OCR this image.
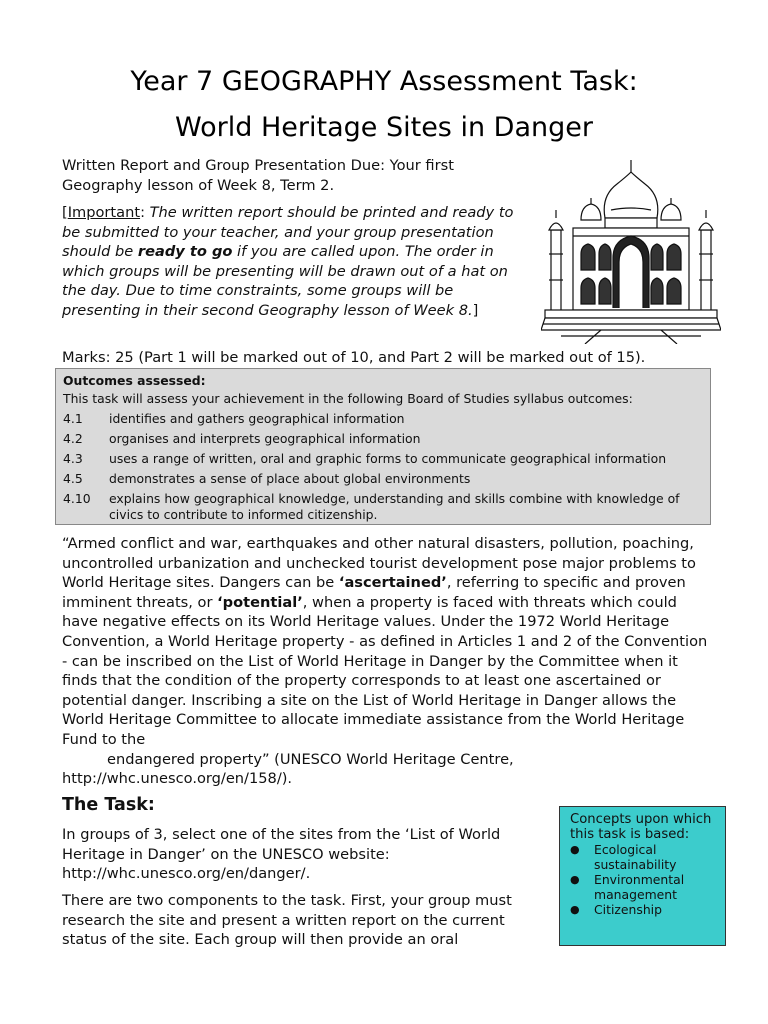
Year 7 GEOGRAPHY Assessment Task:
World Heritage Sites in Danger
Written Report and Group Presentation Due: Your first Geography lesson of Week 8, Term 2.
[Important: The written report should be printed and ready to be submitted to your teacher, and your group presentation should be ready to go if you are called upon. The order in which groups will be presenting will be drawn out of a hat on the day. Due to time constraints, some groups will be presenting in their second Geography lesson of Week 8.]
Marks: 25 (Part 1 will be marked out of 10, and Part 2 will be marked out of 15).
Outcomes assessed:
This task will assess your achievement in the following Board of Studies syllabus outcomes:
4.1	identifies and gathers geographical information
4.2	organises and interprets geographical information
4.3	uses a range of written, oral and graphic forms to communicate geographical information
4.5	demonstrates a sense of place about global environments
4.10	explains how geographical knowledge, understanding and skills combine with knowledge of civics to contribute to informed citizenship.
“Armed conflict and war, earthquakes and other natural disasters, pollution, poaching, uncontrolled urbanization and unchecked tourist development pose major problems to World Heritage sites. Dangers can be ‘ascertained’, referring to specific and proven imminent threats, or ‘potential’, when a property is faced with threats which could have negative effects on its World Heritage values. Under the 1972 World Heritage Convention, a World Heritage property - as defined in Articles 1 and 2 of the Convention - can be inscribed on the List of World Heritage in Danger by the Committee when it finds that the condition of the property corresponds to at least one ascertained or potential danger. Inscribing a site on the List of World Heritage in Danger allows the World Heritage Committee to allocate immediate assistance from the World Heritage Fund to the
endangered property” (UNESCO World Heritage Centre,
http://whc.unesco.org/en/158/).
The Task:
In groups of 3, select one of the sites from the ‘List of World Heritage in Danger’ on the UNESCO website: http://whc.unesco.org/en/danger/.
There are two components to the task. First, your group must research the site and present a written report on the current status of the site. Each group will then provide an oral
Concepts upon which this task is based:
●	Ecological sustainability
●	Environmental management
●	Citizenship
